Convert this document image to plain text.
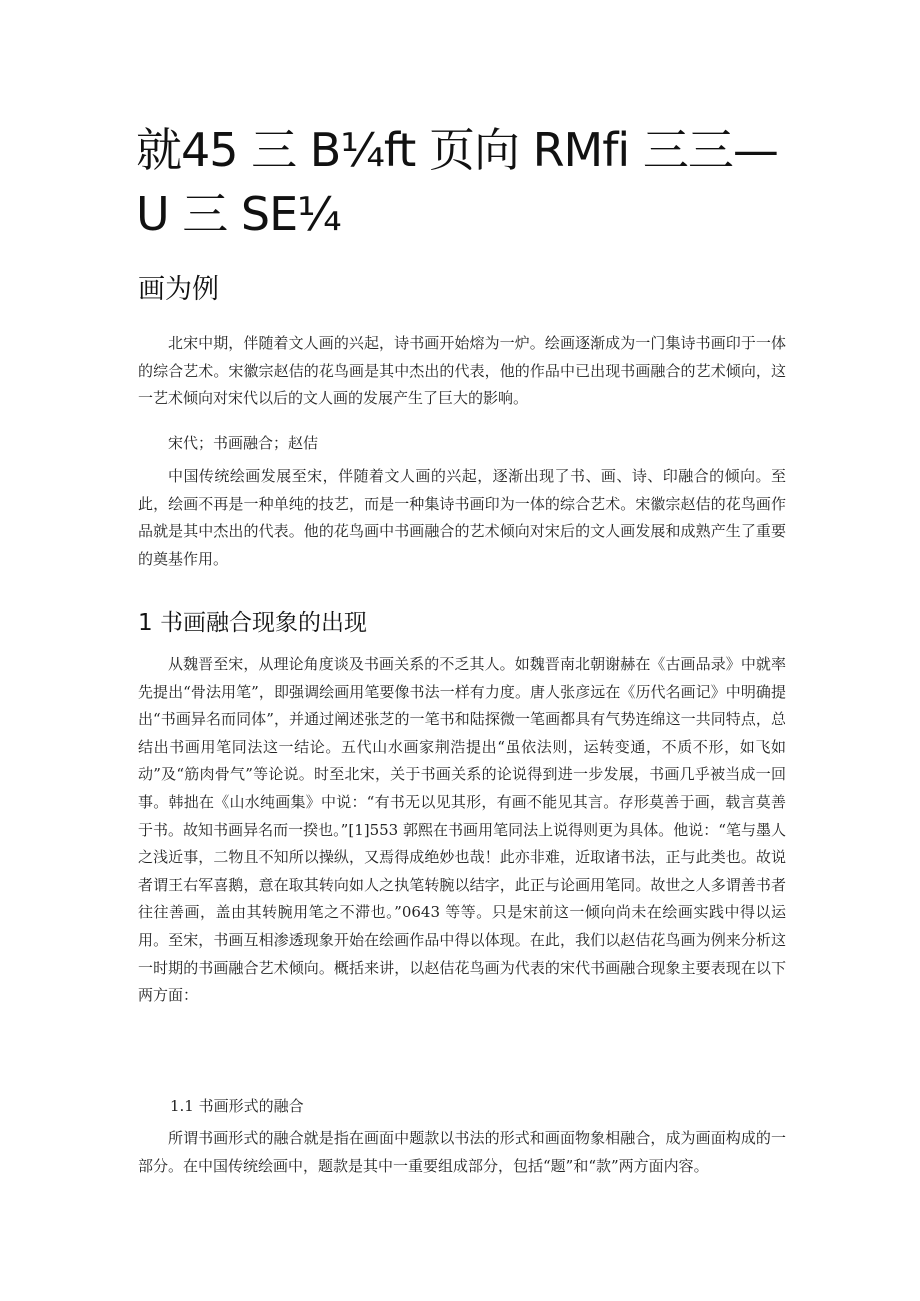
就45 三 B¼ft 页向 RMfi 三三—U 三 SE¼
画为例

北宋中期，伴随着文人画的兴起，诗书画开始熔为一炉。绘画逐渐成为一门集诗书画印于一体的综合艺术。宋徽宗赵佶的花鸟画是其中杰出的代表，他的作品中已出现书画融合的艺术倾向，这一艺术倾向对宋代以后的文人画的发展产生了巨大的影响。

宋代；书画融合；赵佶

中国传统绘画发展至宋，伴随着文人画的兴起，逐渐出现了书、画、诗、印融合的倾向。至此，绘画不再是一种单纯的技艺，而是一种集诗书画印为一体的综合艺术。宋徽宗赵佶的花鸟画作品就是其中杰出的代表。他的花鸟画中书画融合的艺术倾向对宋后的文人画发展和成熟产生了重要的奠基作用。

1 书画融合现象的出现

从魏晋至宋，从理论角度谈及书画关系的不乏其人。如魏晋南北朝谢赫在《古画品录》中就率先提出“骨法用笔”，即强调绘画用笔要像书法一样有力度。唐人张彦远在《历代名画记》中明确提出“书画异名而同体”，并通过阐述张芝的一笔书和陆探微一笔画都具有气势连绵这一共同特点，总结出书画用笔同法这一结论。五代山水画家荆浩提出“虽依法则，运转变通，不质不形，如飞如动”及“筋肉骨气”等论说。时至北宋，关于书画关系的论说得到进一步发展，书画几乎被当成一回事。韩拙在《山水纯画集》中说：“有书无以见其形，有画不能见其言。存形莫善于画，载言莫善于书。故知书画异名而一揆也。”[1]553 郭熙在书画用笔同法上说得则更为具体。他说：“笔与墨人之浅近事，二物且不知所以操纵，又焉得成绝妙也哉！此亦非难，近取诸书法，正与此类也。故说者谓王右军喜鹅，意在取其转向如人之执笔转腕以结字，此正与论画用笔同。故世之人多谓善书者往往善画，盖由其转腕用笔之不滞也。”0643 等等。只是宋前这一倾向尚未在绘画实践中得以运用。至宋，书画互相渗透现象开始在绘画作品中得以体现。在此，我们以赵佶花鸟画为例来分析这一时期的书画融合艺术倾向。概括来讲，以赵佶花鸟画为代表的宋代书画融合现象主要表现在以下两方面：

1.1 书画形式的融合

所谓书画形式的融合就是指在画面中题款以书法的形式和画面物象相融合，成为画面构成的一部分。在中国传统绘画中，题款是其中一重要组成部分，包括“题”和“款”两方面内容。
